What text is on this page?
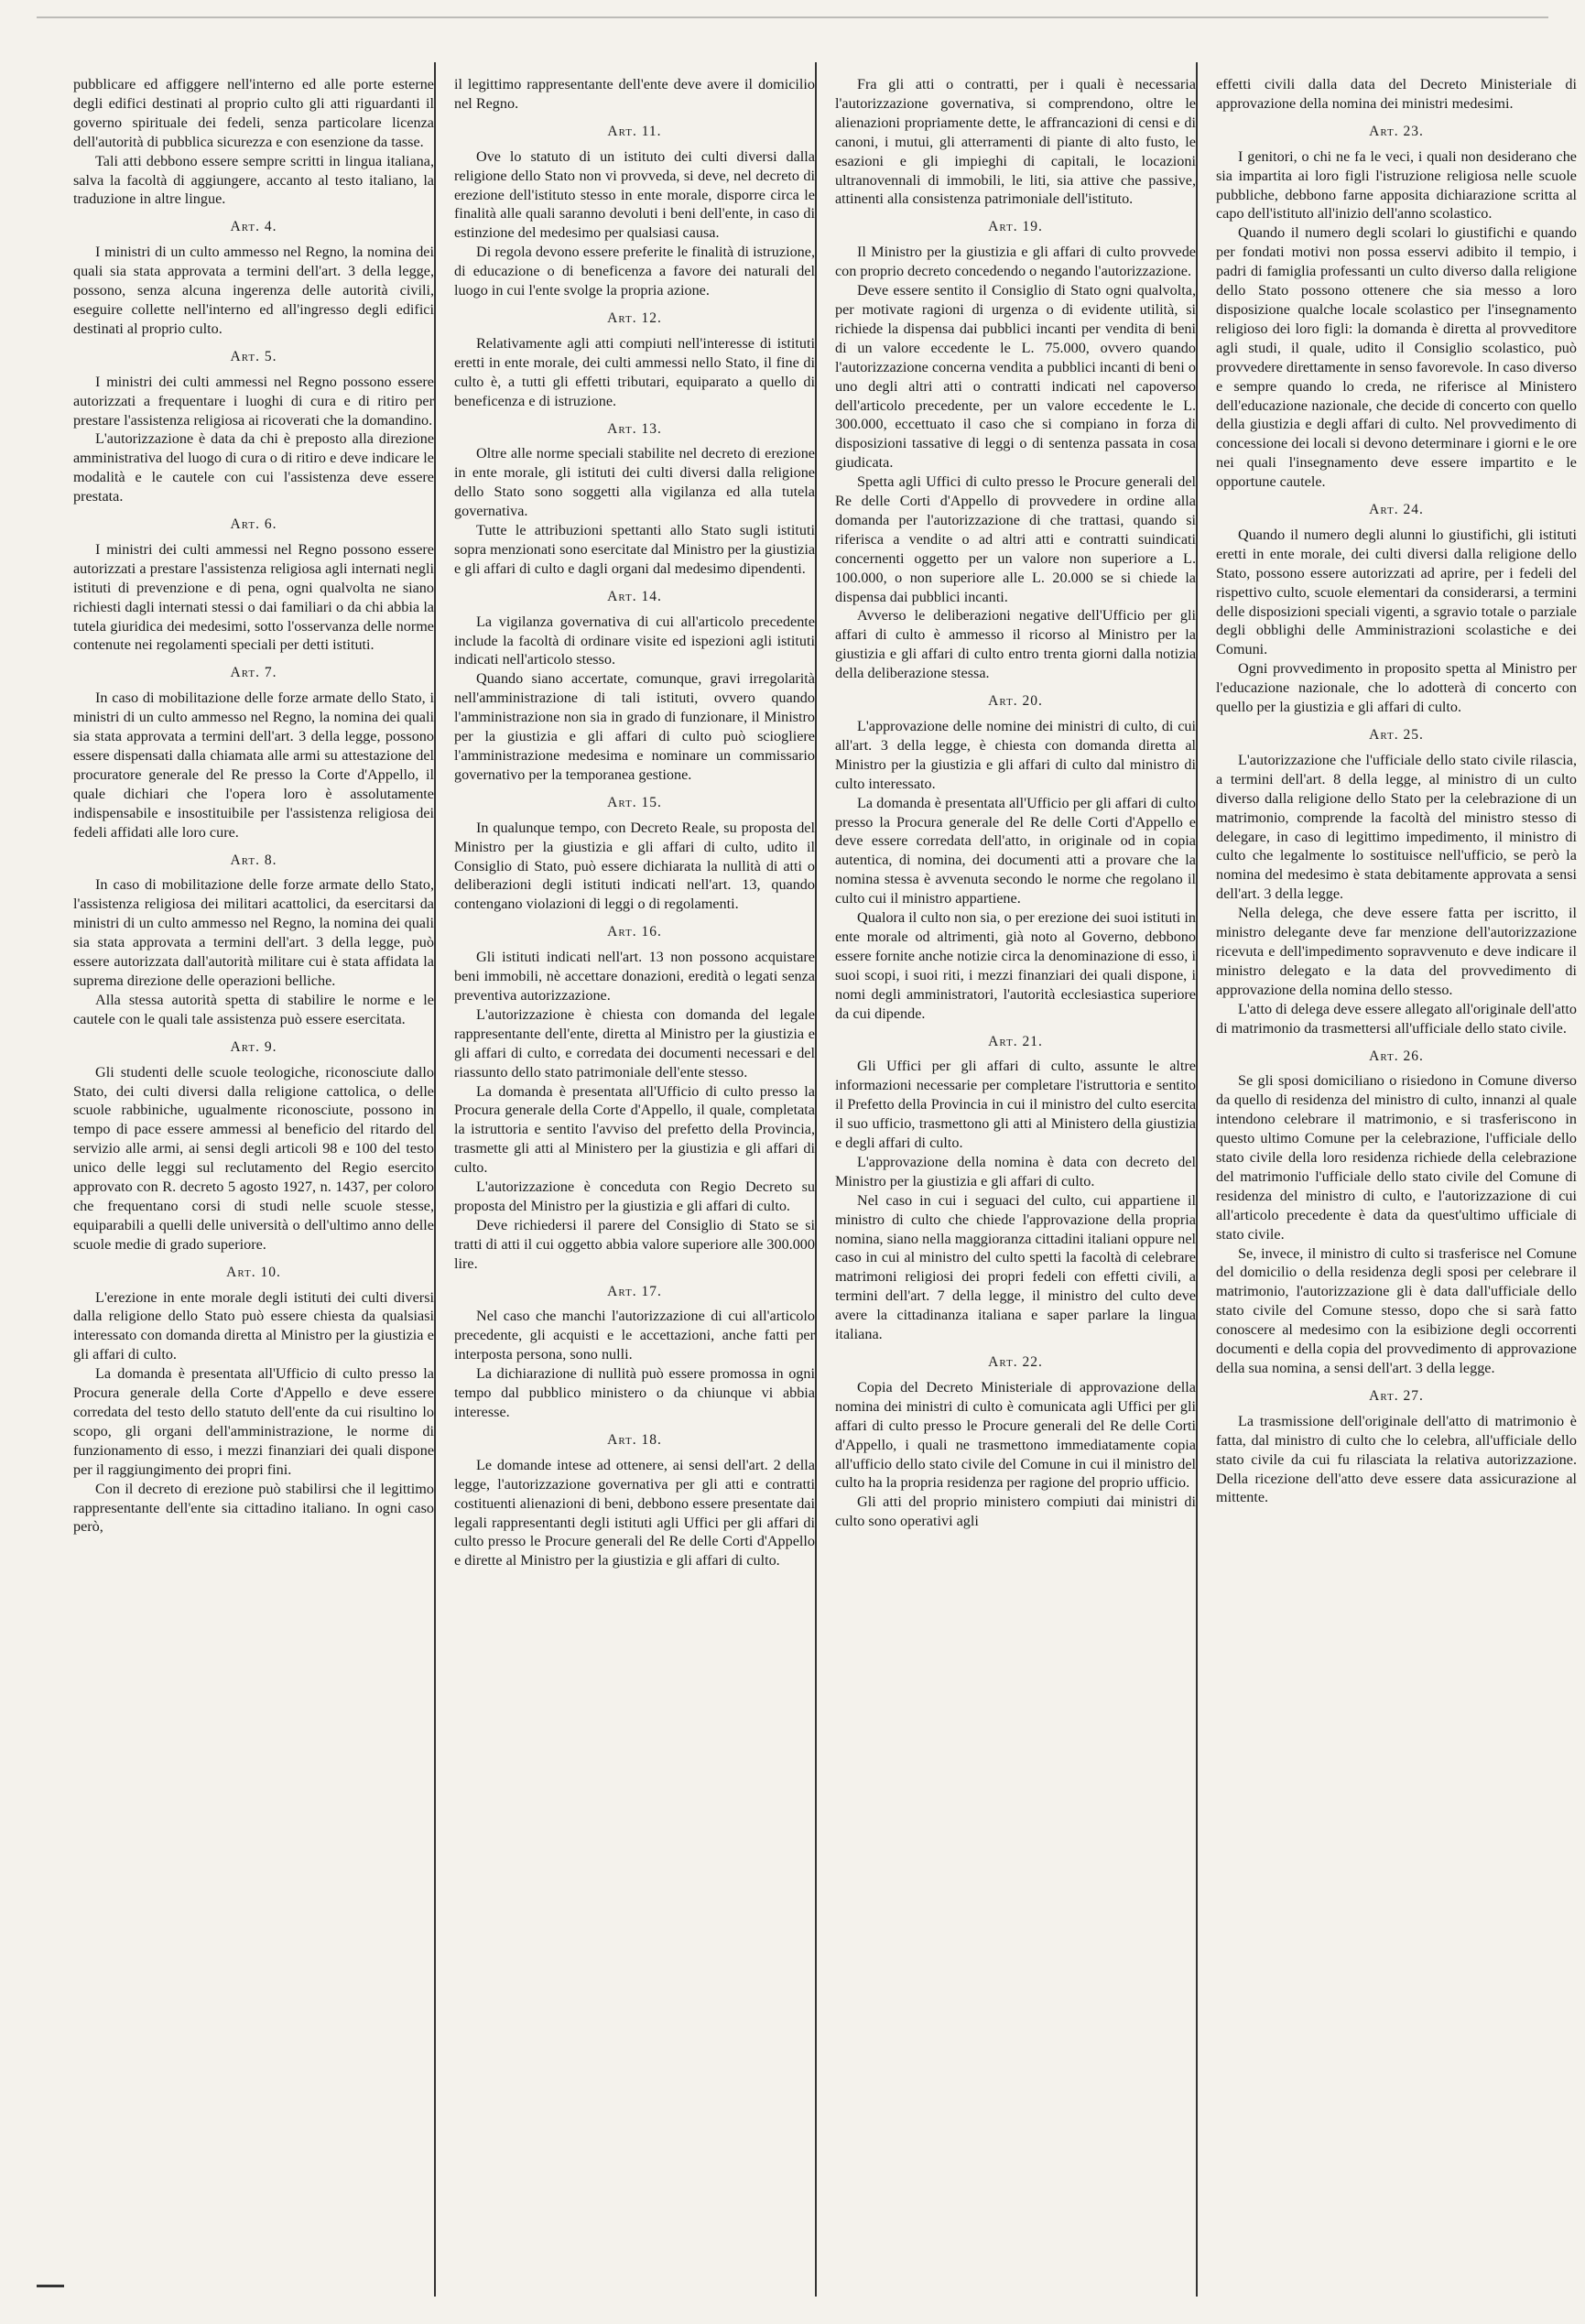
pubblicare ed affiggere nell'interno ed alle porte esterne degli edifici destinati al proprio culto gli atti riguardanti il governo spirituale dei fedeli, senza particolare licenza dell'autorità di pubblica sicurezza e con esenzione da tasse.

Tali atti debbono essere sempre scritti in lingua italiana, salva la facoltà di aggiungere, accanto al testo italiano, la traduzione in altre lingue.

Art. 4.

I ministri di un culto ammesso nel Regno, la nomina dei quali sia stata approvata a termini dell'art. 3 della legge, possono, senza alcuna ingerenza delle autorità civili, eseguire collette nell'interno ed all'ingresso degli edifici destinati al proprio culto.

Art. 5.

I ministri dei culti ammessi nel Regno possono essere autorizzati a frequentare i luoghi di cura e di ritiro per prestare l'assistenza religiosa ai ricoverati che la domandino.

L'autorizzazione è data da chi è preposto alla direzione amministrativa del luogo di cura o di ritiro e deve indicare le modalità e le cautele con cui l'assistenza deve essere prestata.

Art. 6.

I ministri dei culti ammessi nel Regno possono essere autorizzati a prestare l'assistenza religiosa agli internati negli istituti di prevenzione e di pena, ogni qualvolta ne siano richiesti dagli internati stessi o dai familiari o da chi abbia la tutela giuridica dei medesimi, sotto l'osservanza delle norme contenute nei regolamenti speciali per detti istituti.

Art. 7.

In caso di mobilitazione delle forze armate dello Stato, i ministri di un culto ammesso nel Regno, la nomina dei quali sia stata approvata a termini dell'art. 3 della legge, possono essere dispensati dalla chiamata alle armi su attestazione del procuratore generale del Re presso la Corte d'Appello, il quale dichiari che l'opera loro è assolutamente indispensabile e insostituibile per l'assistenza religiosa dei fedeli affidati alle loro cure.

Art. 8.

In caso di mobilitazione delle forze armate dello Stato, l'assistenza religiosa dei militari acattolici, da esercitarsi da ministri di un culto ammesso nel Regno, la nomina dei quali sia stata approvata a termini dell'art. 3 della legge, può essere autorizzata dall'autorità militare cui è stata affidata la suprema direzione delle operazioni belliche.

Alla stessa autorità spetta di stabilire le norme e le cautele con le quali tale assistenza può essere esercitata.

Art. 9.

Gli studenti delle scuole teologiche, riconosciute dallo Stato, dei culti diversi dalla religione cattolica, o delle scuole rabbiniche, ugualmente riconosciute, possono in tempo di pace essere ammessi al beneficio del ritardo del servizio alle armi, ai sensi degli articoli 98 e 100 del testo unico delle leggi sul reclutamento del Regio esercito approvato con R. decreto 5 agosto 1927, n. 1437, per coloro che frequentano corsi di studi nelle scuole stesse, equiparabili a quelli delle università o dell'ultimo anno delle scuole medie di grado superiore.

Art. 10.

L'erezione in ente morale degli istituti dei culti diversi dalla religione dello Stato può essere chiesta da qualsiasi interessato con domanda diretta al Ministro per la giustizia e gli affari di culto.

La domanda è presentata all'Ufficio di culto presso la Procura generale della Corte d'Appello e deve essere corredata del testo dello statuto dell'ente da cui risultino lo scopo, gli organi dell'amministrazione, le norme di funzionamento di esso, i mezzi finanziari dei quali dispone per il raggiungimento dei propri fini.

Con il decreto di erezione può stabilirsi che il legittimo rappresentante dell'ente sia cittadino italiano. In ogni caso però,

il legittimo rappresentante dell'ente deve avere il domicilio nel Regno.

Art. 11.

Ove lo statuto di un istituto dei culti diversi dalla religione dello Stato non vi provveda, si deve, nel decreto di erezione dell'istituto stesso in ente morale, disporre circa le finalità alle quali saranno devoluti i beni dell'ente, in caso di estinzione del medesimo per qualsiasi causa.

Di regola devono essere preferite le finalità di istruzione, di educazione o di beneficenza a favore dei naturali del luogo in cui l'ente svolge la propria azione.

Art. 12.

Relativamente agli atti compiuti nell'interesse di istituti eretti in ente morale, dei culti ammessi nello Stato, il fine di culto è, a tutti gli effetti tributari, equiparato a quello di beneficenza e di istruzione.

Art. 13.

Oltre alle norme speciali stabilite nel decreto di erezione in ente morale, gli istituti dei culti diversi dalla religione dello Stato sono soggetti alla vigilanza ed alla tutela governativa.

Tutte le attribuzioni spettanti allo Stato sugli istituti sopra menzionati sono esercitate dal Ministro per la giustizia e gli affari di culto e dagli organi dal medesimo dipendenti.

Art. 14.

La vigilanza governativa di cui all'articolo precedente include la facoltà di ordinare visite ed ispezioni agli istituti indicati nell'articolo stesso.

Quando siano accertate, comunque, gravi irregolarità nell'amministrazione di tali istituti, ovvero quando l'amministrazione non sia in grado di funzionare, il Ministro per la giustizia e gli affari di culto può sciogliere l'amministrazione medesima e nominare un commissario governativo per la temporanea gestione.

Art. 15.

In qualunque tempo, con Decreto Reale, su proposta del Ministro per la giustizia e gli affari di culto, udito il Consiglio di Stato, può essere dichiarata la nullità di atti o deliberazioni degli istituti indicati nell'art. 13, quando contengano violazioni di leggi o di regolamenti.

Art. 16.

Gli istituti indicati nell'art. 13 non possono acquistare beni immobili, nè accettare donazioni, eredità o legati senza preventiva autorizzazione.

L'autorizzazione è chiesta con domanda del legale rappresentante dell'ente, diretta al Ministro per la giustizia e gli affari di culto, e corredata dei documenti necessari e del riassunto dello stato patrimoniale dell'ente stesso.

La domanda è presentata all'Ufficio di culto presso la Procura generale della Corte d'Appello, il quale, completata la istruttoria e sentito l'avviso del prefetto della Provincia, trasmette gli atti al Ministero per la giustizia e gli affari di culto.

L'autorizzazione è conceduta con Regio Decreto su proposta del Ministro per la giustizia e gli affari di culto.

Deve richiedersi il parere del Consiglio di Stato se si tratti di atti il cui oggetto abbia valore superiore alle 300.000 lire.

Art. 17.

Nel caso che manchi l'autorizzazione di cui all'articolo precedente, gli acquisti e le accettazioni, anche fatti per interposta persona, sono nulli.

La dichiarazione di nullità può essere promossa in ogni tempo dal pubblico ministero o da chiunque vi abbia interesse.

Art. 18.

Le domande intese ad ottenere, ai sensi dell'art. 2 della legge, l'autorizzazione governativa per gli atti e contratti costituenti alienazioni di beni, debbono essere presentate dai legali rappresentanti degli istituti agli Uffici per gli affari di culto presso le Procure generali del Re delle Corti d'Appello e dirette al Ministro per la giustizia e gli affari di culto.

Fra gli atti o contratti, per i quali è necessaria l'autorizzazione governativa, si comprendono, oltre le alienazioni propriamente dette, le affrancazioni di censi e di canoni, i mutui, gli atterramenti di piante di alto fusto, le esazioni e gli impieghi di capitali, le locazioni ultranovennali di immobili, le liti, sia attive che passive, attinenti alla consistenza patrimoniale dell'istituto.

Art. 19.

Il Ministro per la giustizia e gli affari di culto provvede con proprio decreto concedendo o negando l'autorizzazione.

Deve essere sentito il Consiglio di Stato ogni qualvolta, per motivate ragioni di urgenza o di evidente utilità, si richiede la dispensa dai pubblici incanti per vendita di beni di un valore eccedente le L. 75.000, ovvero quando l'autorizzazione concerna vendita a pubblici incanti di beni o uno degli altri atti o contratti indicati nel capoverso dell'articolo precedente, per un valore eccedente le L. 300.000, eccettuato il caso che si compiano in forza di disposizioni tassative di leggi o di sentenza passata in cosa giudicata.

Spetta agli Uffici di culto presso le Procure generali del Re delle Corti d'Appello di provvedere in ordine alla domanda per l'autorizzazione di che trattasi, quando si riferisca a vendite o ad altri atti e contratti suindicati concernenti oggetto per un valore non superiore a L. 100.000, o non superiore alle L. 20.000 se si chiede la dispensa dai pubblici incanti.

Avverso le deliberazioni negative dell'Ufficio per gli affari di culto è ammesso il ricorso al Ministro per la giustizia e gli affari di culto entro trenta giorni dalla notizia della deliberazione stessa.

Art. 20.

L'approvazione delle nomine dei ministri di culto, di cui all'art. 3 della legge, è chiesta con domanda diretta al Ministro per la giustizia e gli affari di culto dal ministro di culto interessato.

La domanda è presentata all'Ufficio per gli affari di culto presso la Procura generale del Re delle Corti d'Appello e deve essere corredata dell'atto, in originale od in copia autentica, di nomina, dei documenti atti a provare che la nomina stessa è avvenuta secondo le norme che regolano il culto cui il ministro appartiene.

Qualora il culto non sia, o per erezione dei suoi istituti in ente morale od altrimenti, già noto al Governo, debbono essere fornite anche notizie circa la denominazione di esso, i suoi scopi, i suoi riti, i mezzi finanziari dei quali dispone, i nomi degli amministratori, l'autorità ecclesiastica superiore da cui dipende.

Art. 21.

Gli Uffici per gli affari di culto, assunte le altre informazioni necessarie per completare l'istruttoria e sentito il Prefetto della Provincia in cui il ministro del culto esercita il suo ufficio, trasmettono gli atti al Ministero della giustizia e degli affari di culto.

L'approvazione della nomina è data con decreto del Ministro per la giustizia e gli affari di culto.

Nel caso in cui i seguaci del culto, cui appartiene il ministro di culto che chiede l'approvazione della propria nomina, siano nella maggioranza cittadini italiani oppure nel caso in cui al ministro del culto spetti la facoltà di celebrare matrimoni religiosi dei propri fedeli con effetti civili, a termini dell'art. 7 della legge, il ministro del culto deve avere la cittadinanza italiana e saper parlare la lingua italiana.

Art. 22.

Copia del Decreto Ministeriale di approvazione della nomina dei ministri di culto è comunicata agli Uffici per gli affari di culto presso le Procure generali del Re delle Corti d'Appello, i quali ne trasmettono immediatamente copia all'ufficio dello stato civile del Comune in cui il ministro del culto ha la propria residenza per ragione del proprio ufficio.

Gli atti del proprio ministero compiuti dai ministri di culto sono operativi agli

effetti civili dalla data del Decreto Ministeriale di approvazione della nomina dei ministri medesimi.

Art. 23.

I genitori, o chi ne fa le veci, i quali non desiderano che sia impartita ai loro figli l'istruzione religiosa nelle scuole pubbliche, debbono farne apposita dichiarazione scritta al capo dell'istituto all'inizio dell'anno scolastico.

Quando il numero degli scolari lo giustifichi e quando per fondati motivi non possa esservi adibito il tempio, i padri di famiglia professanti un culto diverso dalla religione dello Stato possono ottenere che sia messo a loro disposizione qualche locale scolastico per l'insegnamento religioso dei loro figli: la domanda è diretta al provveditore agli studi, il quale, udito il Consiglio scolastico, può provvedere direttamente in senso favorevole. In caso diverso e sempre quando lo creda, ne riferisce al Ministero dell'educazione nazionale, che decide di concerto con quello della giustizia e degli affari di culto. Nel provvedimento di concessione dei locali si devono determinare i giorni e le ore nei quali l'insegnamento deve essere impartito e le opportune cautele.

Art. 24.

Quando il numero degli alunni lo giustifichi, gli istituti eretti in ente morale, dei culti diversi dalla religione dello Stato, possono essere autorizzati ad aprire, per i fedeli del rispettivo culto, scuole elementari da considerarsi, a termini delle disposizioni speciali vigenti, a sgravio totale o parziale degli obblighi delle Amministrazioni scolastiche e dei Comuni.

Ogni provvedimento in proposito spetta al Ministro per l'educazione nazionale, che lo adotterà di concerto con quello per la giustizia e gli affari di culto.

Art. 25.

L'autorizzazione che l'ufficiale dello stato civile rilascia, a termini dell'art. 8 della legge, al ministro di un culto diverso dalla religione dello Stato per la celebrazione di un matrimonio, comprende la facoltà del ministro stesso di delegare, in caso di legittimo impedimento, il ministro di culto che legalmente lo sostituisce nell'ufficio, se però la nomina del medesimo è stata debitamente approvata a sensi dell'art. 3 della legge.

Nella delega, che deve essere fatta per iscritto, il ministro delegante deve far menzione dell'autorizzazione ricevuta e dell'impedimento sopravvenuto e deve indicare il ministro delegato e la data del provvedimento di approvazione della nomina dello stesso.

L'atto di delega deve essere allegato all'originale dell'atto di matrimonio da trasmettersi all'ufficiale dello stato civile.

Art. 26.

Se gli sposi domiciliano o risiedono in Comune diverso da quello di residenza del ministro di culto, innanzi al quale intendono celebrare il matrimonio, e si trasferiscono in questo ultimo Comune per la celebrazione, l'ufficiale dello stato civile della loro residenza richiede della celebrazione del matrimonio l'ufficiale dello stato civile del Comune di residenza del ministro di culto, e l'autorizzazione di cui all'articolo precedente è data da quest'ultimo ufficiale di stato civile.

Se, invece, il ministro di culto si trasferisce nel Comune del domicilio o della residenza degli sposi per celebrare il matrimonio, l'autorizzazione gli è data dall'ufficiale dello stato civile del Comune stesso, dopo che si sarà fatto conoscere al medesimo con la esibizione degli occorrenti documenti e della copia del provvedimento di approvazione della sua nomina, a sensi dell'art. 3 della legge.

Art. 27.

La trasmissione dell'originale dell'atto di matrimonio è fatta, dal ministro di culto che lo celebra, all'ufficiale dello stato civile da cui fu rilasciata la relativa autorizzazione. Della ricezione dell'atto deve essere data assicurazione al mittente.
